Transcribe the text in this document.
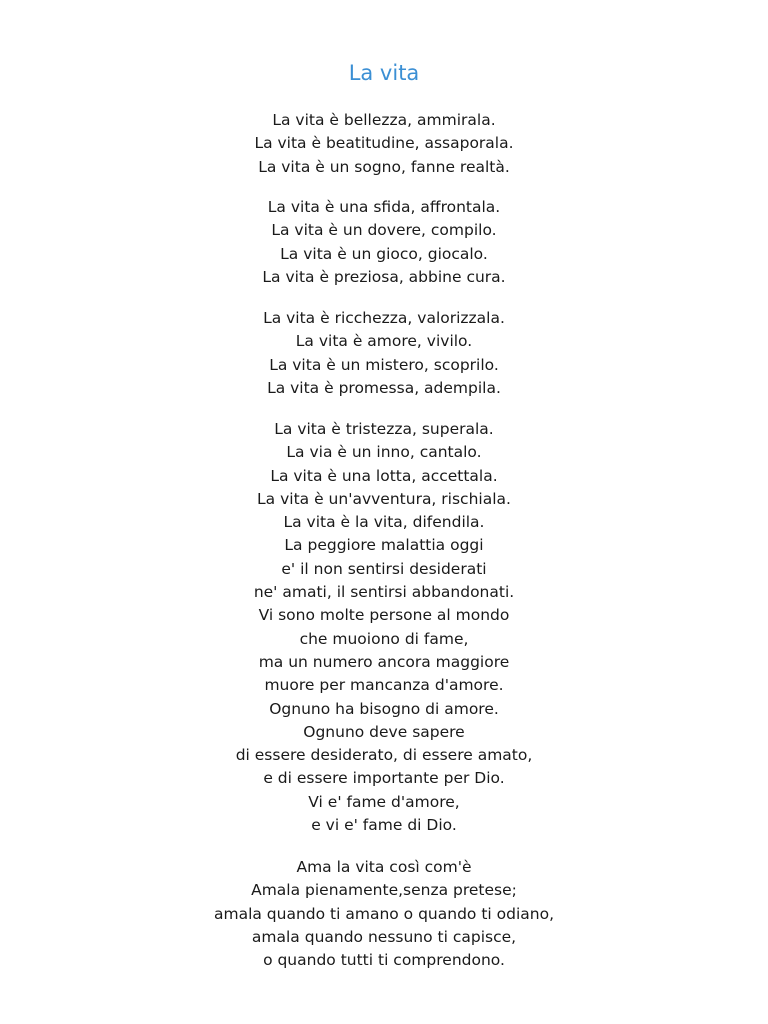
La vita

La vita è bellezza, ammirala.
La vita è beatitudine, assaporala.
La vita è un sogno, fanne realtà.

La vita è una sfida, affrontala.
La vita è un dovere, compilo.
La vita è un gioco, giocalo.
La vita è preziosa, abbine cura.

La vita è ricchezza, valorizzala.
La vita è amore, vivilo.
La vita è un mistero, scoprilo.
La vita è promessa, adempila.

La vita è tristezza, superala.
La via è un inno, cantalo.
La vita è una lotta, accettala.
La vita è un'avventura, rischiala.
La vita è la vita, difendila.
La peggiore malattia oggi
e' il non sentirsi desiderati
ne' amati, il sentirsi abbandonati.
Vi sono molte persone al mondo
che muoiono di fame,
ma un numero ancora maggiore
muore per mancanza d'amore.
Ognuno ha bisogno di amore.
Ognuno deve sapere
di essere desiderato, di essere amato,
e di essere importante per Dio.
Vi e' fame d'amore,
e vi e' fame di Dio.

Ama la vita così com'è
Amala pienamente,senza pretese;
amala quando ti amano o quando ti odiano,
amala quando nessuno ti capisce,
o quando tutti ti comprendono.
